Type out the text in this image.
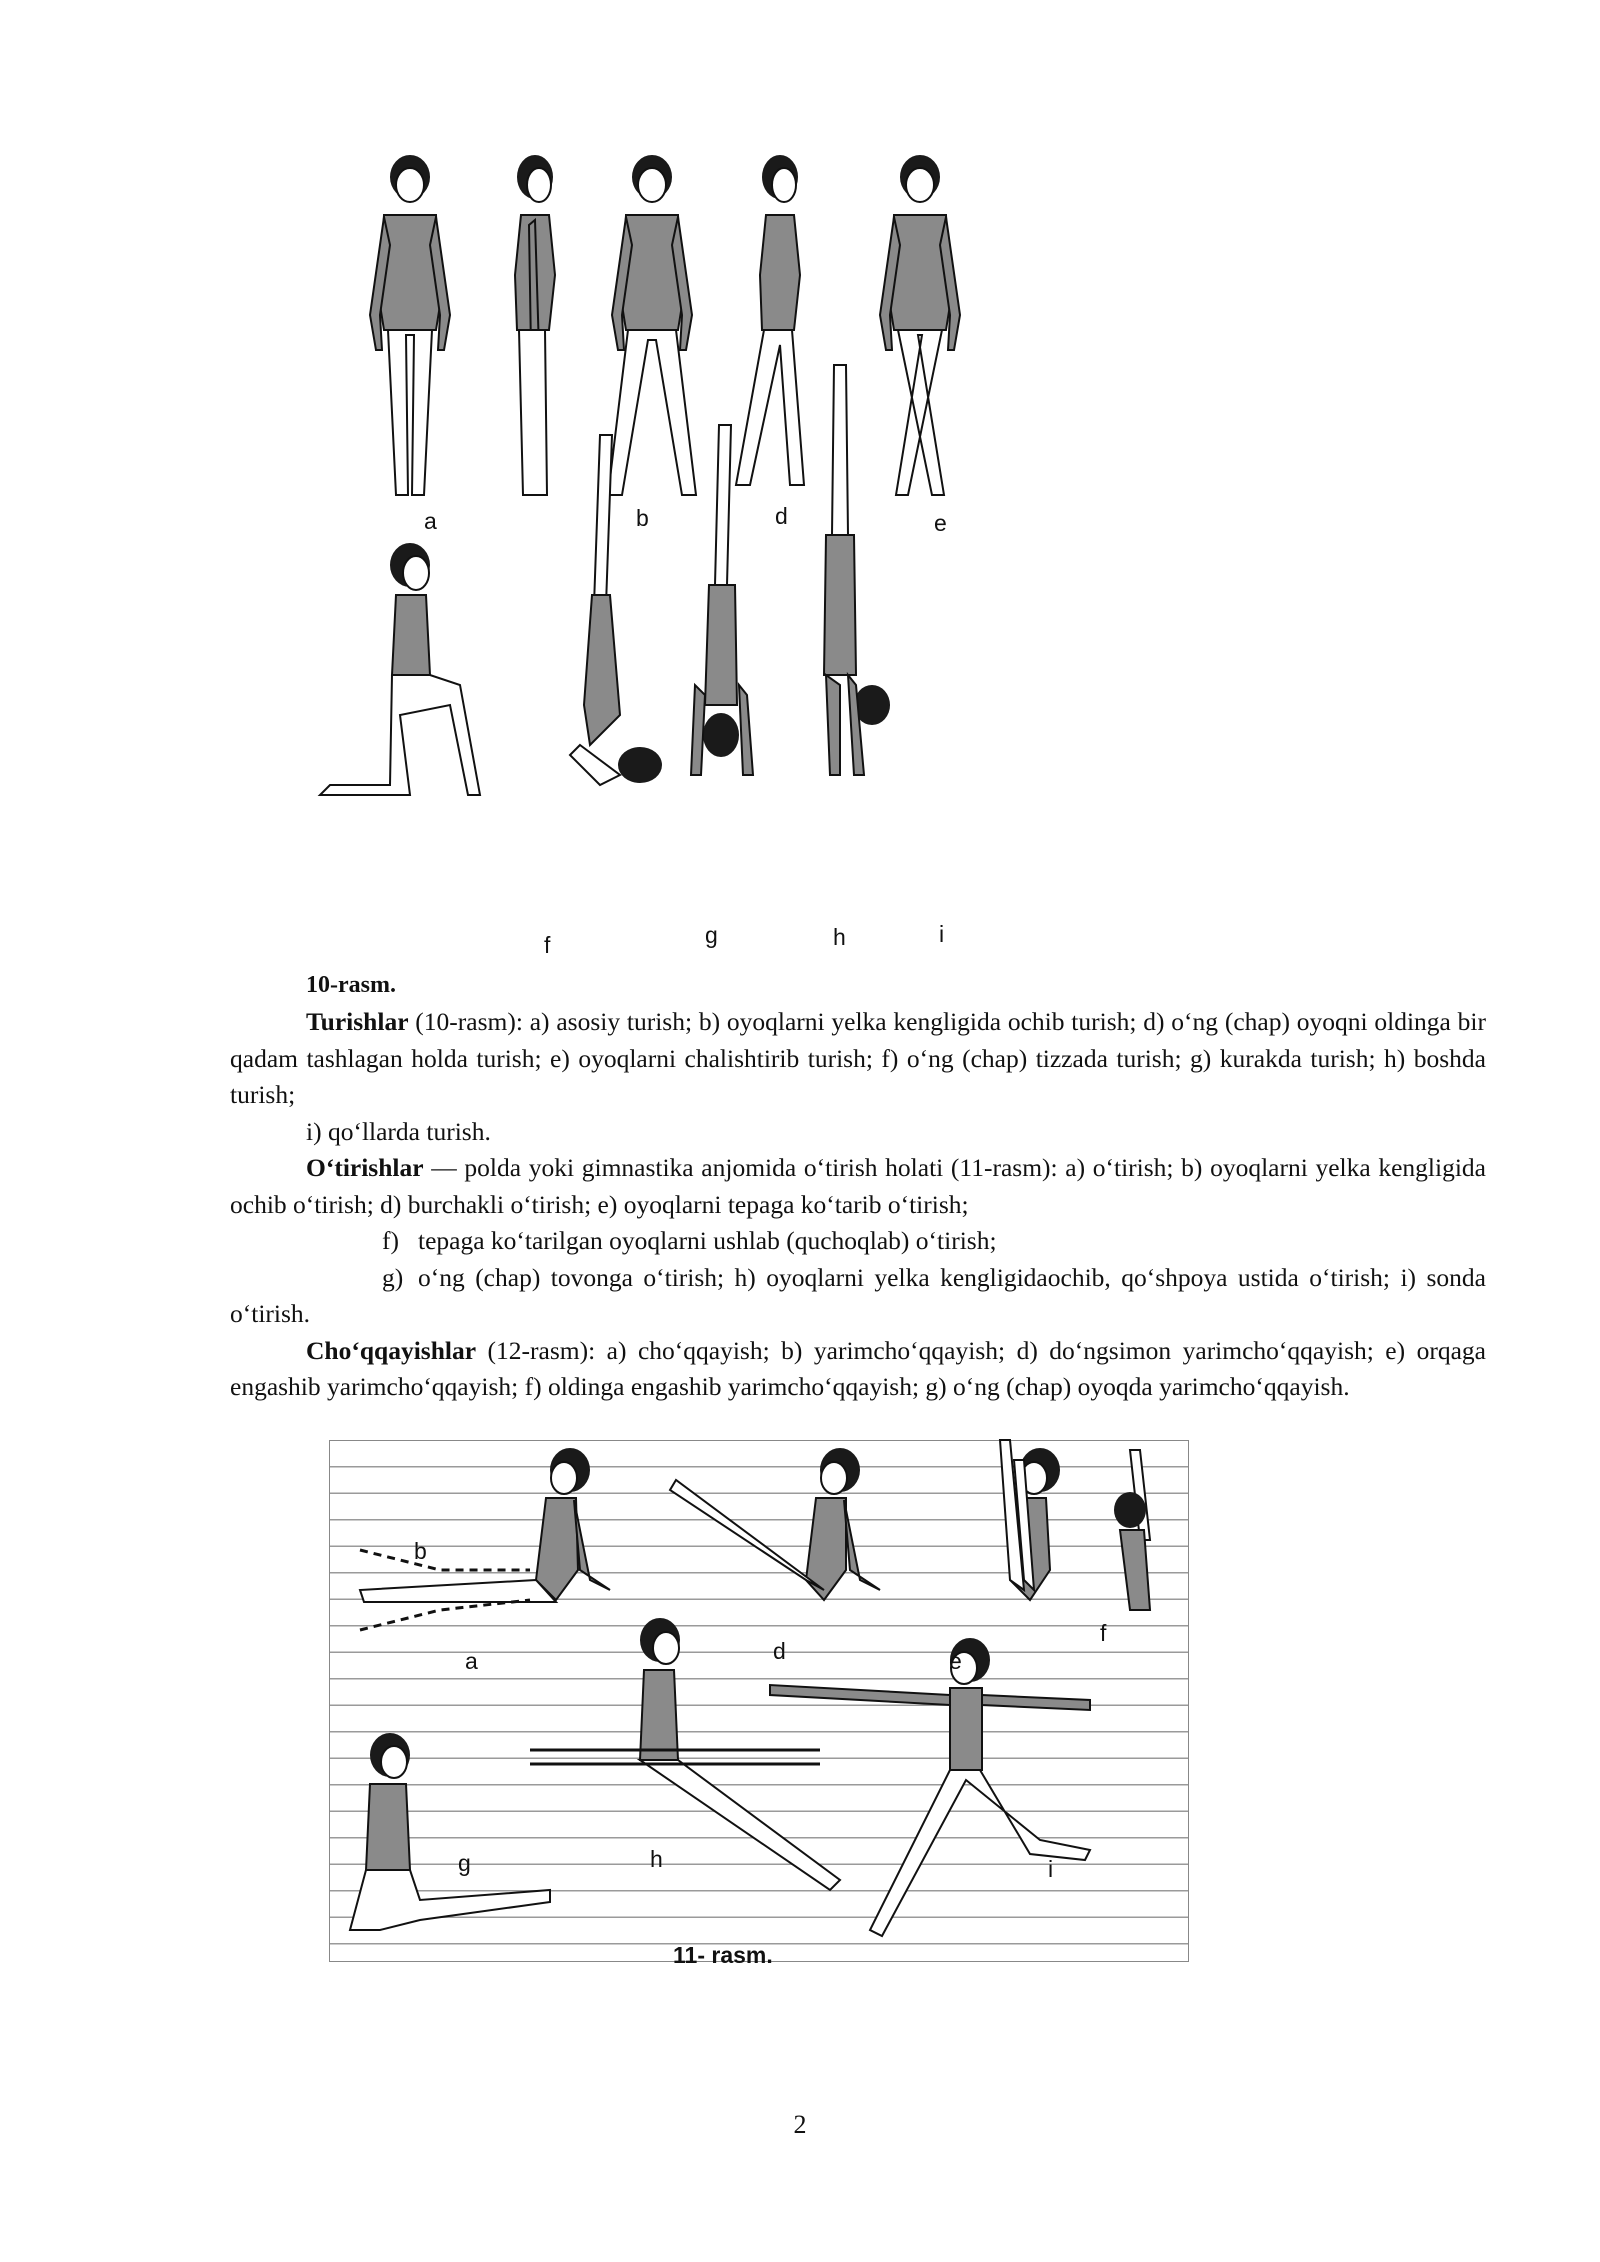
a	b	d	e
f	g	h	i
10-rasm.

Turishlar (10-rasm): a) asosiy turish; b) oyoqlarni yelka kengligida ochib turish; d) o‘ng (chap) oyoqni oldinga bir qadam tashlagan holda turish; e) oyoqlarni chalishtirib turish; f) o‘ng (chap) tizzada turish; g) kurakda turish; h) boshda turish;

i) qo‘llarda turish.

O‘tirishlar — polda yoki gimnastika anjomida o‘tirish holati (11-rasm): a) o‘tirish; b) oyoqlarni yelka kengligida ochib o‘tirish; d) burchakli o‘tirish; e) oyoqlarni tepaga ko‘tarib o‘tirish;

f) tepaga ko‘tarilgan oyoqlarni ushlab (quchoqlab) o‘tirish;

g) o‘ng (chap) tovonga o‘tirish; h) oyoqlarni yelka kengligidaochib, qo‘shpoya ustida o‘tirish; i) sonda o‘tirish.

Cho‘qqayishlar (12-rasm): a) cho‘qqayish; b) yarimcho‘qqayish; d) do‘ngsimon yarimcho‘qqayish; e) orqaga engashib yarimcho‘qqayish; f) oldinga engashib yarimcho‘qqayish; g) o‘ng (chap) oyoqda yarimcho‘qqayish.

b
a	d	e
f
g	h	i
11- rasm.
2
